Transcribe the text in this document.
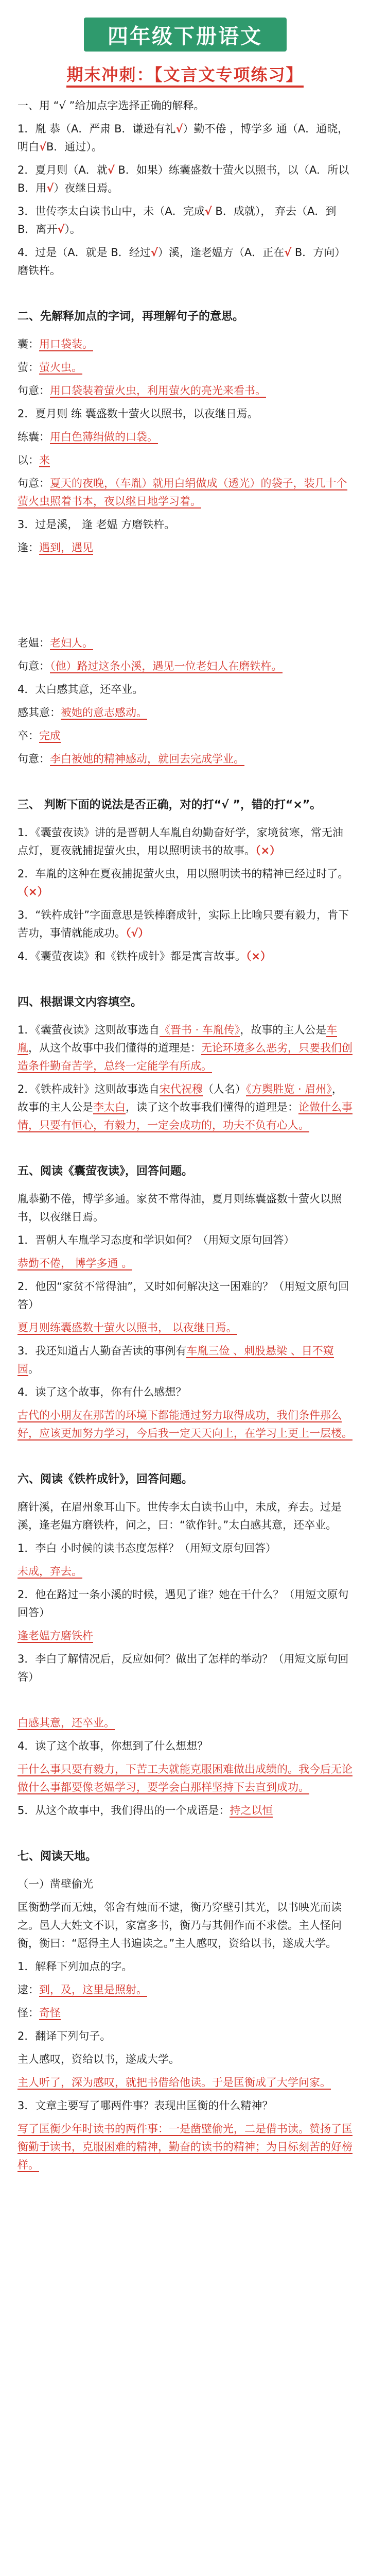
四年级下册语文
期末冲刺：【文言文专项练习】
一、用 “√ ”给加点字选择正确的解释。
1．胤 恭（A．严肃 B．谦逊有礼√）勤不倦 ，博学多 通（A．通晓，明白√B．通过）。
2．夏月则（A．就√ B．如果）练囊盛数十萤火以照书，以（A．所以 B．用√）夜继日焉。
3．世传李太白读书山中，未（A．完成√ B．成就）， 弃去（A．到 B．离开√）。
4．过是（A．就是 B．经过√）溪，逢老媪方（A．正在√ B．方向）磨铁杵。
二、先解释加点的字词，再理解句子的意思。
囊：用口袋装。
萤：萤火虫。
句意：用口袋装着萤火虫，利用萤火的亮光来看书。
2．夏月则 练 囊盛数十萤火以照书，以夜继日焉。
练囊：用白色薄绢做的口袋。
以：来
句意：夏天的夜晚，（车胤）就用白绢做成（透光）的袋子，装几十个萤火虫照着书本，夜以继日地学习着。
3．过是溪， 逢 老媪 方磨铁杵。
逢：遇到，遇见
老媪：老妇人。
句意：（他）路过这条小溪，遇见一位老妇人在磨铁杵。
4．太白感其意，还卒业。
感其意：被她的意志感动。
卒：完成
句意：李白被她的精神感动，就回去完成学业。
三、 判断下面的说法是否正确，对的打“√ ”，错的打“×”。
1．《囊萤夜读》讲的是晋朝人车胤自幼勤奋好学，家境贫寒，常无油点灯，夏夜就捕捉萤火虫，用以照明读书的故事。（×）
2．车胤的这种在夏夜捕捉萤火虫，用以照明读书的精神已经过时了。（×）
3．“铁杵成针”字面意思是铁棒磨成针，实际上比喻只要有毅力，肯下苦功，事情就能成功。（√）
4．《囊萤夜读》和《铁杵成针》都是寓言故事。（×）
四、根据课文内容填空。
1．《囊萤夜读》这则故事选自《晋书 · 车胤传》，故事的主人公是车胤，从这个故事中我们懂得的道理是：无论环境多么恶劣，只要我们创造条件勤奋苦学，总终一定能学有所成。
2．《铁杵成针》这则故事选自宋代祝穆（人名）《方舆胜览 · 眉州》，故事的主人公是李太白，读了这个故事我们懂得的道理是：论做什么事情，只要有恒心，有毅力，一定会成功的，功夫不负有心人。
五、阅读《囊萤夜读》，回答问题。
胤恭勤不倦，博学多通。家贫不常得油，夏月则练囊盛数十萤火以照书，以夜继日焉。
1．晋朝人车胤学习态度和学识如何？（用短文原句回答）
恭勤不倦， 博学多通 。
2．他因“家贫不常得油”，又时如何解决这一困难的？（用短文原句回答）
夏月则练囊盛数十萤火以照书， 以夜继日焉。
3．我还知道古人勤奋苦读的事例有车胤三俭 、刺股悬梁 、目不窥园。
4．读了这个故事，你有什么感想？
古代的小朋友在那苦的环境下都能通过努力取得成功，我们条件那么好，应该更加努力学习，今后我一定天天向上，在学习上更上一层楼。
六、阅读《铁杵成针》，回答问题。
磨针溪，在眉州象耳山下。世传李太白读书山中，未成，弃去。过是溪，逢老媪方磨铁杵，问之，曰：“欲作针。”太白感其意，还卒业。
1．李白 小时候的读书态度怎样？（用短文原句回答）
未成，弃去。
2．他在路过一条小溪的时候，遇见了谁？她在干什么？（用短文原句回答）
逢老媪方磨铁杵
3．李白了解情况后，反应如何？做出了怎样的举动？（用短文原句回答）
白感其意，还卒业。
4．读了这个故事，你想到了什么想想？
干什么事只要有毅力，下苦工夫就能克服困难做出成绩的。我今后无论做什么事都要像老媪学习，要学会白那样坚持下去直到成功。
5．从这个故事中，我们得出的一个成语是：持之以恒
七、阅读天地。
（一）凿壁偷光
匡衡勤学而无烛，邻舍有烛而不逮，衡乃穿壁引其光，以书映光而读之。邑人大姓文不识，家富多书，衡乃与其佣作而不求偿。主人怪问衡，衡曰：“愿得主人书遍读之。”主人感叹，资给以书，遂成大学。
1．解释下列加点的字。
逮：到，及，这里是照射。
怪：奇怪
2．翻译下列句子。
主人感叹，资给以书，遂成大学。
主人听了，深为感叹，就把书借给他读。于是匡衡成了大学问家。
3．文章主要写了哪两件事？表现出匡衡的什么精神？
写了匡衡少年时读书的两件事：一是凿壁偷光，二是借书读。赞扬了匡衡勤于读书，克服困难的精神，勤奋的读书的精神；为目标刻苦的好榜样。
